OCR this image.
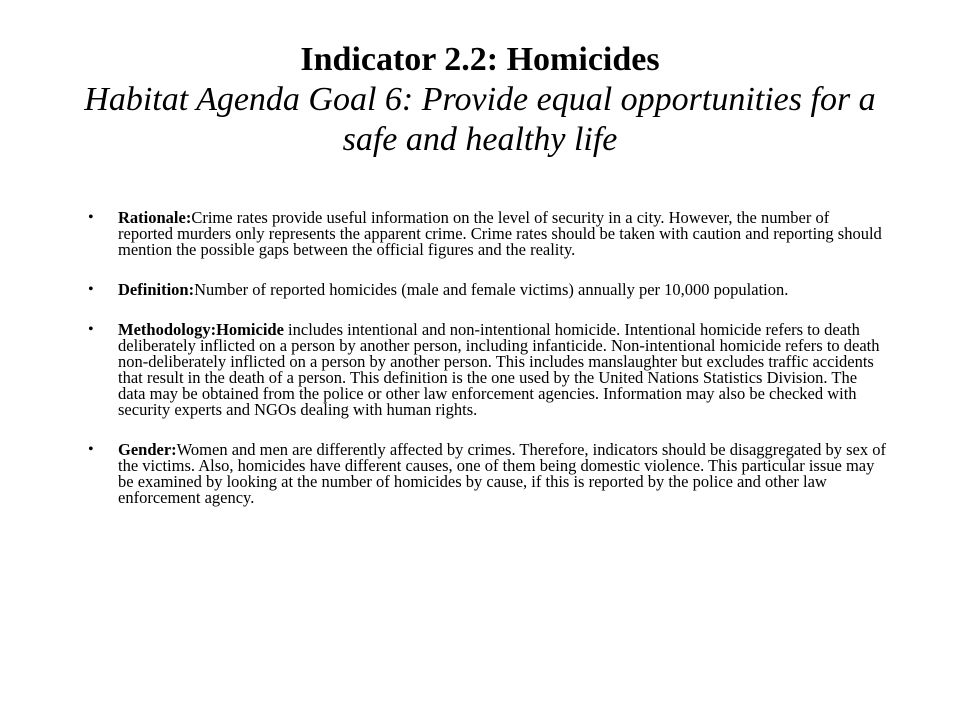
Indicator 2.2: Homicides
Habitat Agenda Goal 6: Provide equal opportunities for a safe and healthy life
• Rationale:Crime rates provide useful information on the level of security in a city. However, the number of reported murders only represents the apparent crime. Crime rates should be taken with caution and reporting should mention the possible gaps between the official figures and the reality.
• Definition:Number of reported homicides (male and female victims) annually per 10,000 population.
• Methodology:Homicide includes intentional and non-intentional homicide. Intentional homicide refers to death deliberately inflicted on a person by another person, including infanticide. Non-intentional homicide refers to death non-deliberately inflicted on a person by another person. This includes manslaughter but excludes traffic accidents that result in the death of a person. This definition is the one used by the United Nations Statistics Division. The data may be obtained from the police or other law enforcement agencies. Information may also be checked with security experts and NGOs dealing with human rights.
• Gender:Women and men are differently affected by crimes. Therefore, indicators should be disaggregated by sex of the victims. Also, homicides have different causes, one of them being domestic violence. This particular issue may be examined by looking at the number of homicides by cause, if this is reported by the police and other law enforcement agency.
